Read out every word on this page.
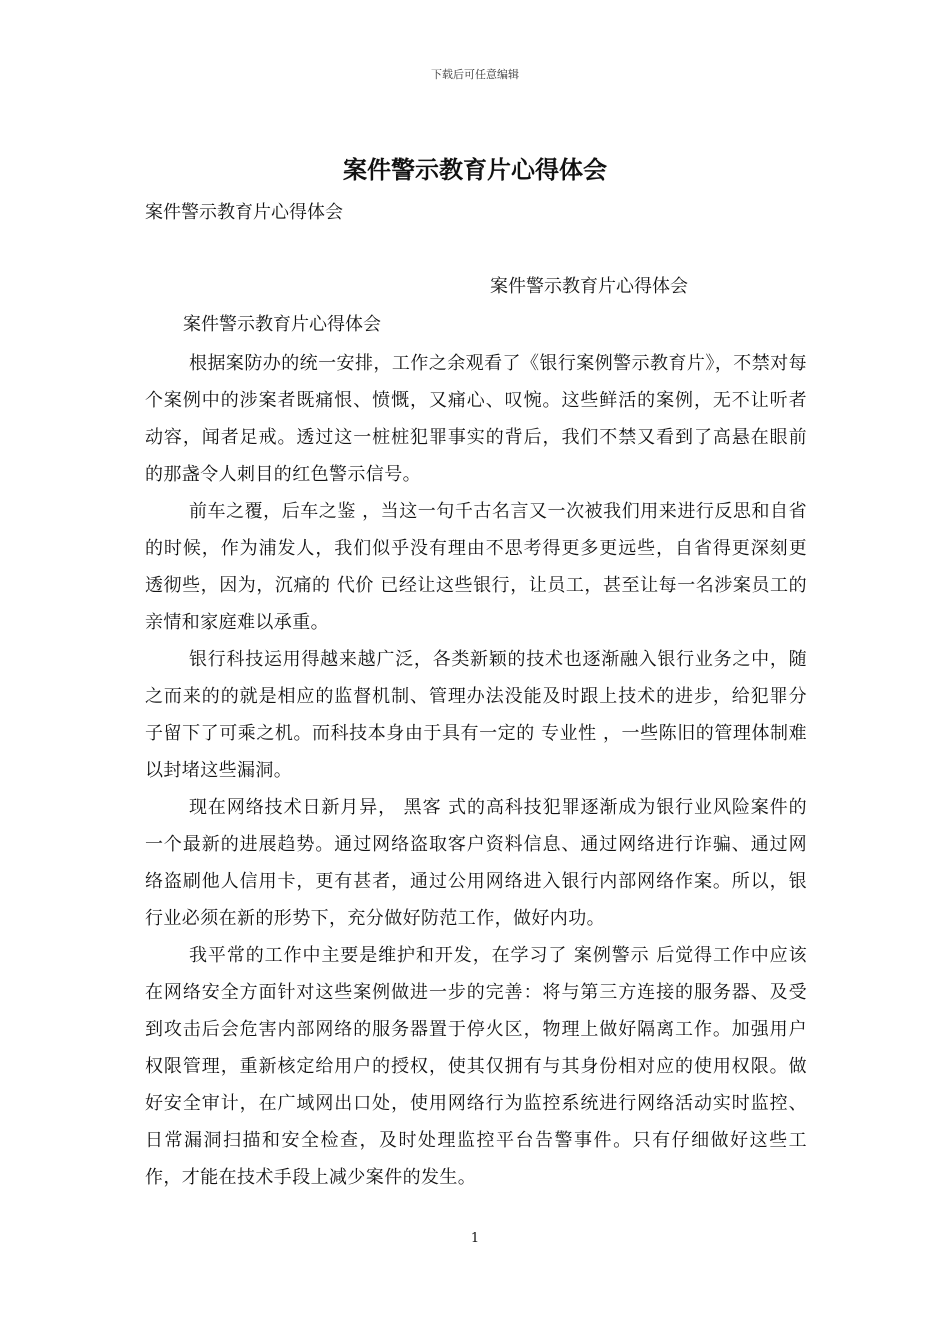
下载后可任意编辑
案件警示教育片心得体会
案件警示教育片心得体会
案件警示教育片心得体会
案件警示教育片心得体会

根据案防办的统一安排，工作之余观看了《银行案例警示教育片》，不禁对每个案例中的涉案者既痛恨、愤慨，又痛心、叹惋。这些鲜活的案例，无不让听者动容，闻者足戒。透过这一桩桩犯罪事实的背后，我们不禁又看到了高悬在眼前的那盏令人刺目的红色警示信号。

前车之覆，后车之鉴 ，当这一句千古名言又一次被我们用来进行反思和自省的时候，作为浦发人，我们似乎没有理由不思考得更多更远些，自省得更深刻更透彻些，因为，沉痛的 代价 已经让这些银行，让员工，甚至让每一名涉案员工的亲情和家庭难以承重。

银行科技运用得越来越广泛，各类新颖的技术也逐渐融入银行业务之中，随之而来的的就是相应的监督机制、管理办法没能及时跟上技术的进步，给犯罪分子留下了可乘之机。而科技本身由于具有一定的 专业性 ，一些陈旧的管理体制难以封堵这些漏洞。

现在网络技术日新月异， 黑客 式的高科技犯罪逐渐成为银行业风险案件的一个最新的进展趋势。通过网络盗取客户资料信息、通过网络进行诈骗、通过网络盗刷他人信用卡，更有甚者，通过公用网络进入银行内部网络作案。所以，银行业必须在新的形势下，充分做好防范工作，做好内功。

我平常的工作中主要是维护和开发，在学习了 案例警示 后觉得工作中应该在网络安全方面针对这些案例做进一步的完善：将与第三方连接的服务器、及受到攻击后会危害内部网络的服务器置于停火区，物理上做好隔离工作。加强用户权限管理，重新核定给用户的授权，使其仅拥有与其身份相对应的使用权限。做好安全审计，在广域网出口处，使用网络行为监控系统进行网络活动实时监控、日常漏洞扫描和安全检查，及时处理监控平台告警事件。只有仔细做好这些工作，才能在技术手段上减少案件的发生。

1
